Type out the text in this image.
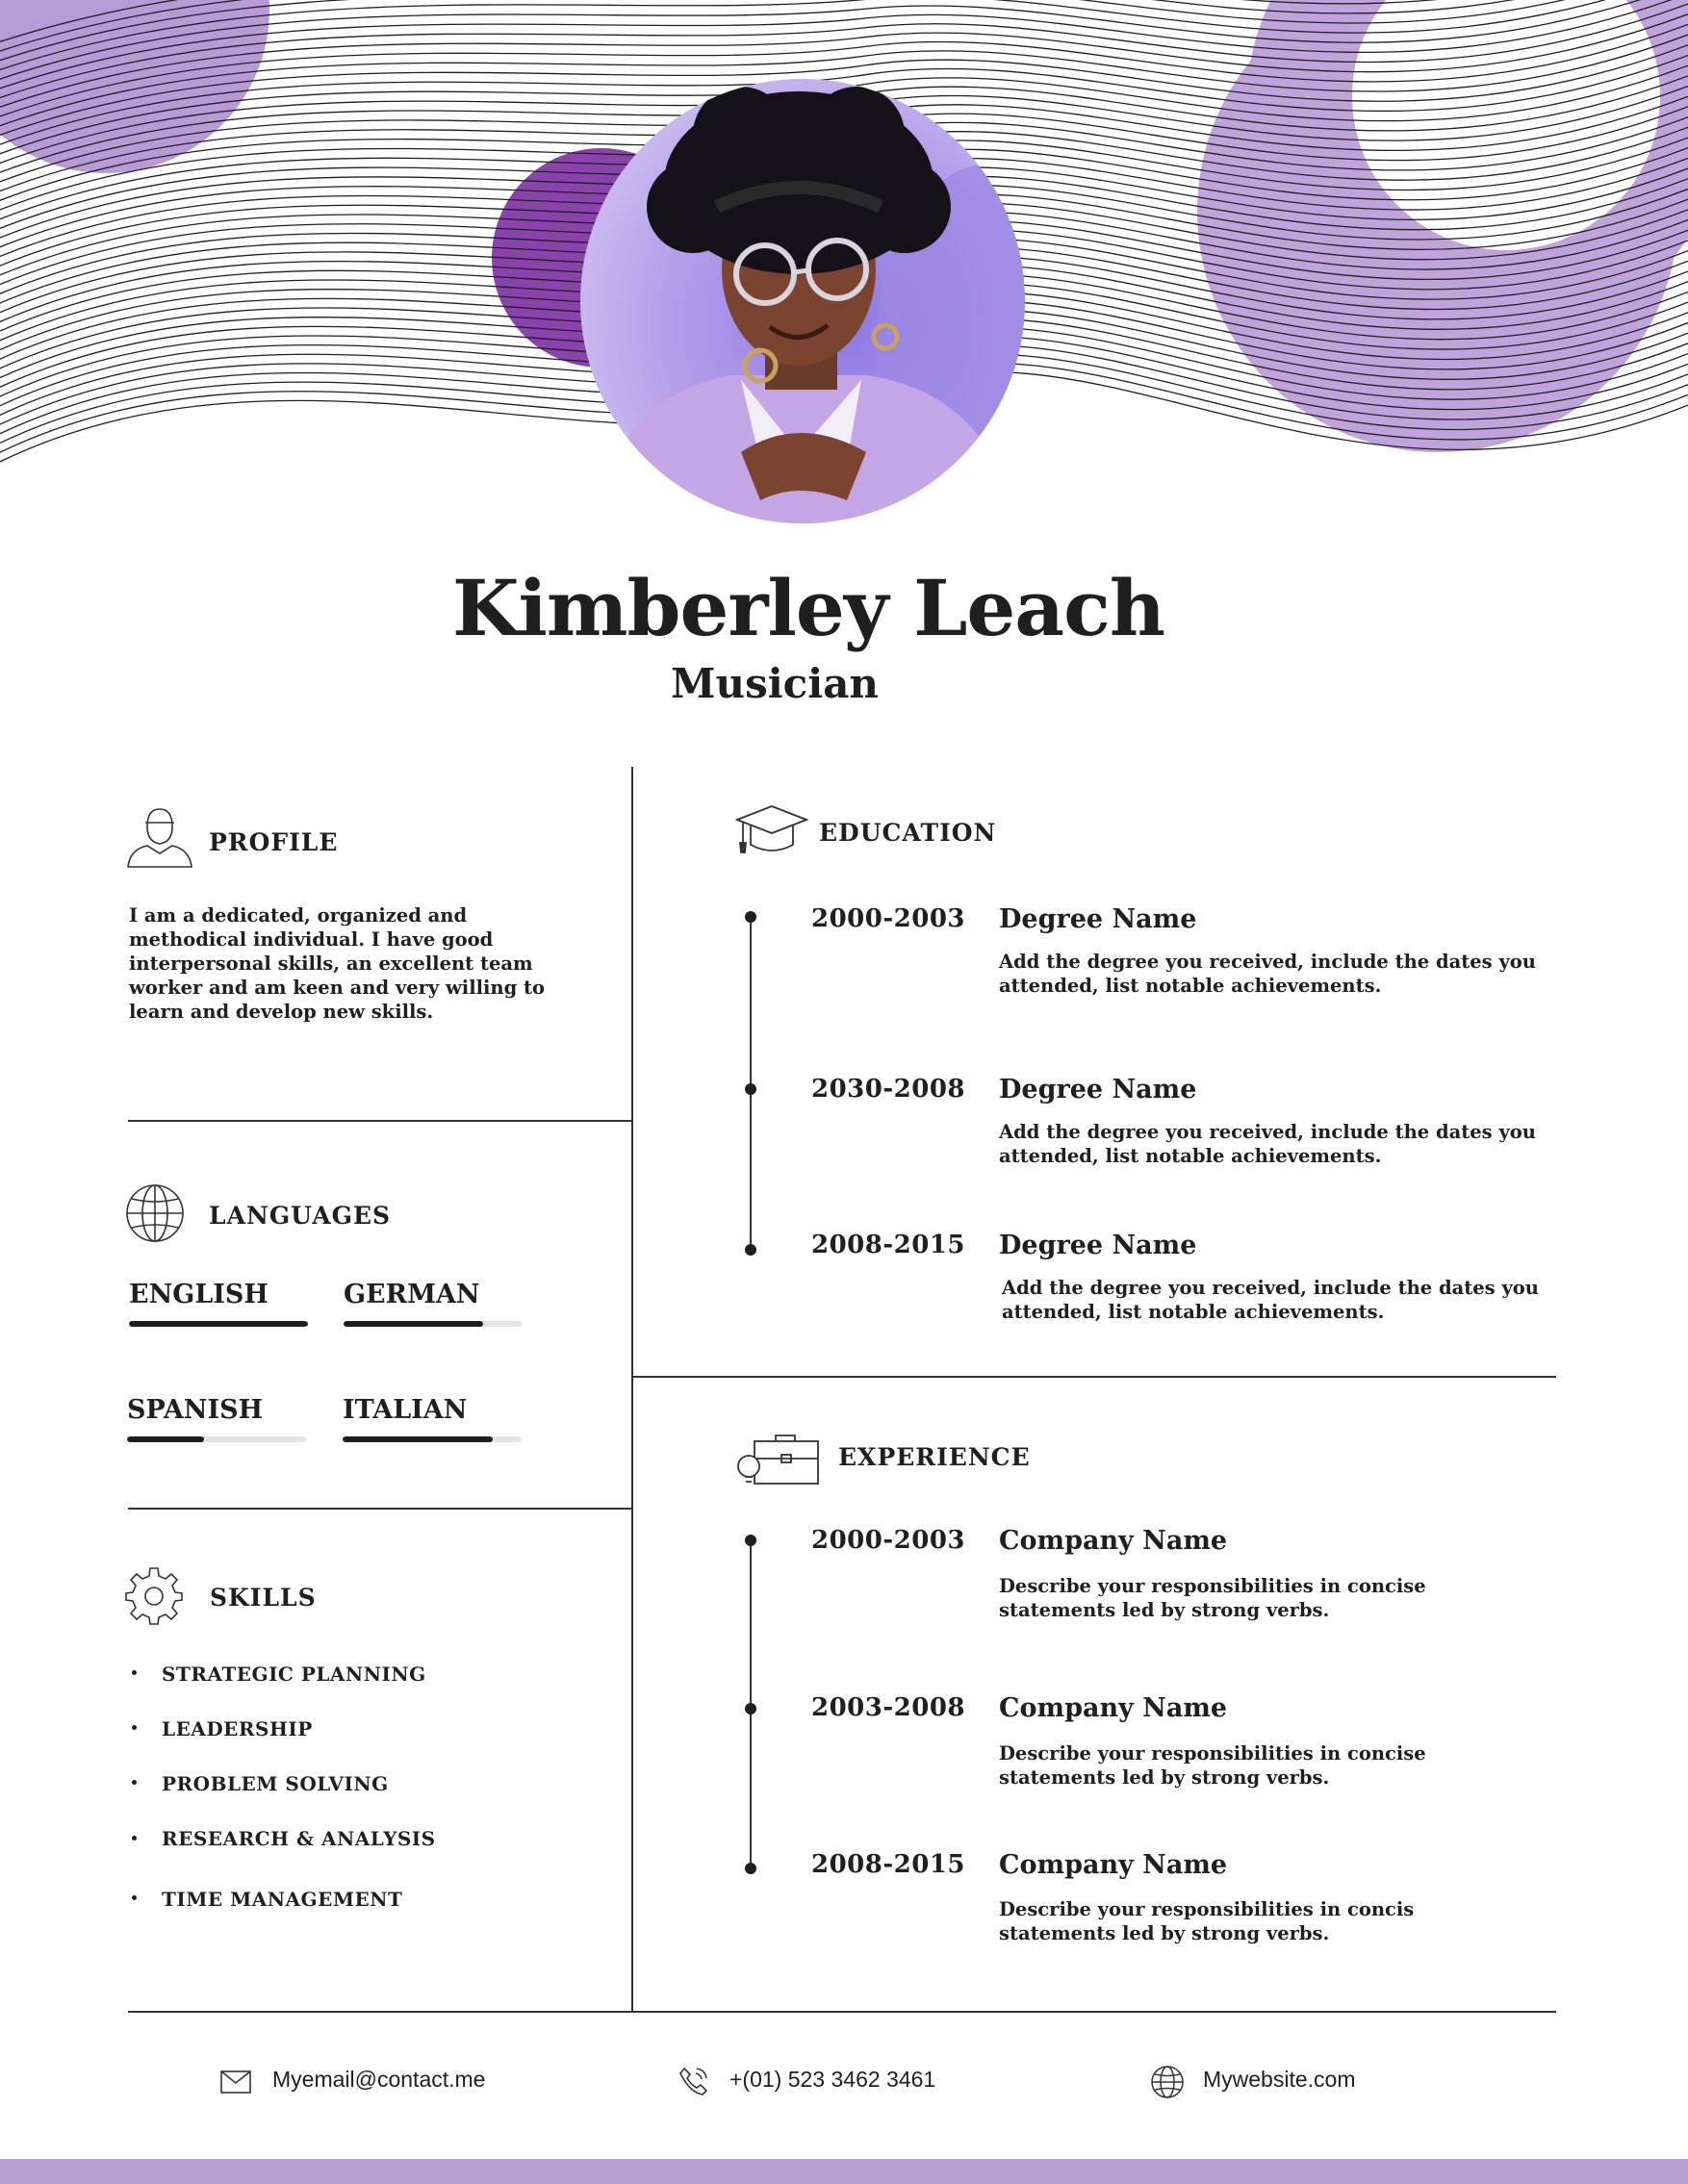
Kimberley Leach
Musician
PROFILE
I am a dedicated, organized and methodical individual. I have good interpersonal skills, an excellent team worker and am keen and very willing to learn and develop new skills.
LANGUAGES
ENGLISH	GERMAN
SPANISH	ITALIAN
SKILLS
STRATEGIC PLANNING
LEADERSHIP
PROBLEM SOLVING
RESEARCH & ANALYSIS
TIME MANAGEMENT
EDUCATION
2000-2003 Degree Name
Add the degree you received, include the dates you attended, list notable achievements.
2030-2008 Degree Name
Add the degree you received, include the dates you attended, list notable achievements.
2008-2015 Degree Name
Add the degree you received, include the dates you attended, list notable achievements.
EXPERIENCE
2000-2003 Company Name
Describe your responsibilities in concise statements led by strong verbs.
2003-2008 Company Name
Describe your responsibilities in concise statements led by strong verbs.
2008-2015 Company Name
Describe your responsibilities in concis statements led by strong verbs.
Myemail@contact.me	+(01) 523 3462 3461	Mywebsite.com
